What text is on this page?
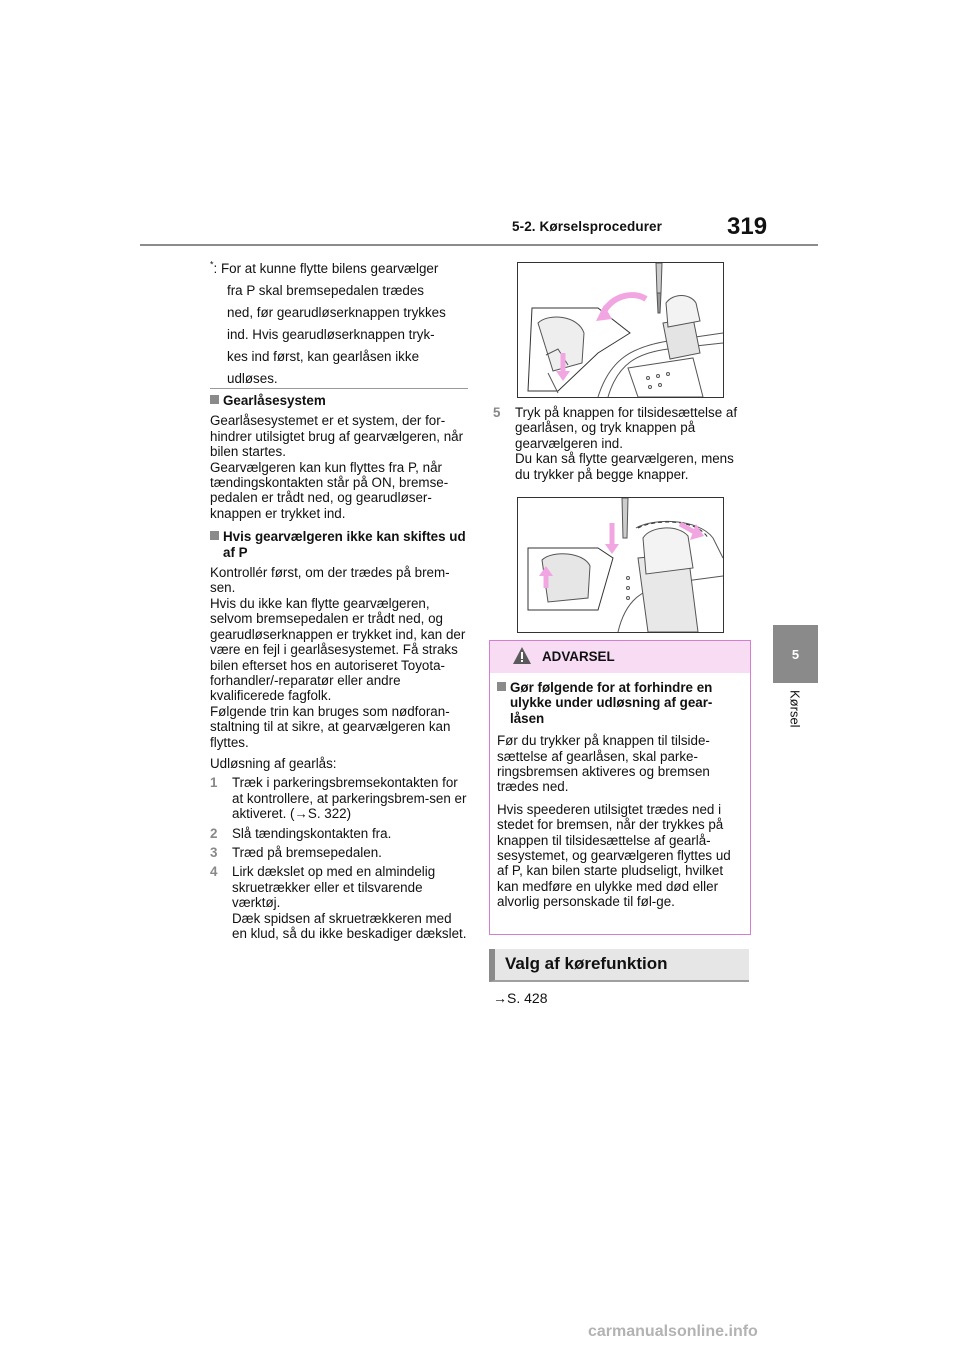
5-2. Kørselsprocedurer	319
5
Kørsel
*: For at kunne flytte bilens gearvælger
fra P skal bremsepedalen trædes
ned, før gearudløserknappen trykkes
ind. Hvis gearudløserknappen tryk-
kes ind først, kan gearlåsen ikke
udløses.
Gearlåsesystem
Gearlåsesystemet er et system, der for-hindrer utilsigtet brug af gearvælgeren, når bilen startes.
Gearvælgeren kan kun flyttes fra P, når tændingskontakten står på ON, bremse-pedalen er trådt ned, og gearudløser-knappen er trykket ind.
Hvis gearvælgeren ikke kan skiftes ud af P
Kontrollér først, om der trædes på brem-sen.
Hvis du ikke kan flytte gearvælgeren, selvom bremsepedalen er trådt ned, og gearudløserknappen er trykket ind, kan der være en fejl i gearlåsesystemet. Få straks bilen efterset hos en autoriseret Toyota-forhandler/-reparatør eller andre kvalificerede fagfolk.
Følgende trin kan bruges som nødforan-staltning til at sikre, at gearvælgeren kan flyttes.
Udløsning af gearlås:
1 Træk i parkeringsbremsekontakten for at kontrollere, at parkeringsbrem-sen er aktiveret. (→S. 322)
2 Slå tændingskontakten fra.
3 Træd på bremsepedalen.
4 Lirk dækslet op med en almindelig skruetrækker eller et tilsvarende værktøj.
Dæk spidsen af skruetrækkeren med en klud, så du ikke beskadiger dækslet.
5 Tryk på knappen for tilsidesættelse af gearlåsen, og tryk knappen på gearvælgeren ind.
Du kan så flytte gearvælgeren, mens du trykker på begge knapper.
ADVARSEL

Gør følgende for at forhindre en ulykke under udløsning af gear-låsen

Før du trykker på knappen til tilside-sættelse af gearlåsen, skal parke-ringsbremsen aktiveres og bremsen trædes ned.

Hvis speederen utilsigtet trædes ned i stedet for bremsen, når der trykkes på knappen til tilsidesættelse af gearlå-sesystemet, og gearvælgeren flyttes ud af P, kan bilen starte pludseligt, hvilket kan medføre en ulykke med død eller alvorlig personskade til føl-ge.

Valg af kørefunktion
→S. 428
carmanualsonline.info
